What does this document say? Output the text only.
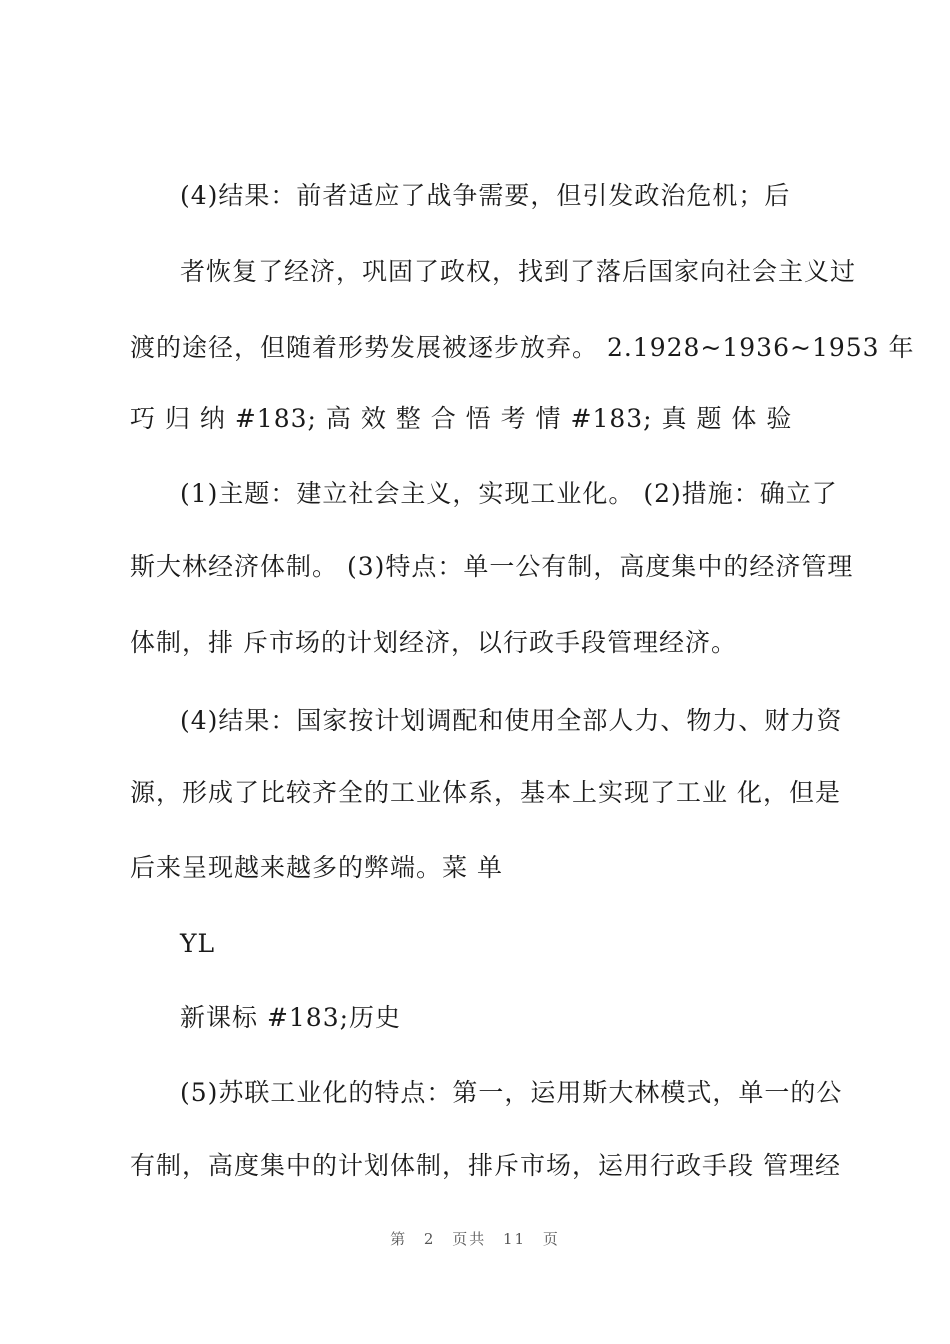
(4)结果：前者适应了战争需要，但引发政治危机；后
者恢复了经济，巩固了政权，找到了落后国家向社会主义过
渡的途径，但随着形势发展被逐步放弃。 2.1928~1936~1953 年
巧 归 纳 #183; 高 效 整 合 悟 考 情 #183; 真 题 体 验
(1)主题：建立社会主义，实现工业化。 (2)措施：确立了
斯大林经济体制。 (3)特点：单一公有制，高度集中的经济管理
体制，排 斥市场的计划经济，以行政手段管理经济。
(4)结果：国家按计划调配和使用全部人力、物力、财力资
源，形成了比较齐全的工业体系，基本上实现了工业 化，但是
后来呈现越来越多的弊端。菜 单
YL
新课标 #183;历史
(5)苏联工业化的特点：第一，运用斯大林模式，单一的公
有制，高度集中的计划体制，排斥市场，运用行政手段 管理经
第 2 页共 11 页
